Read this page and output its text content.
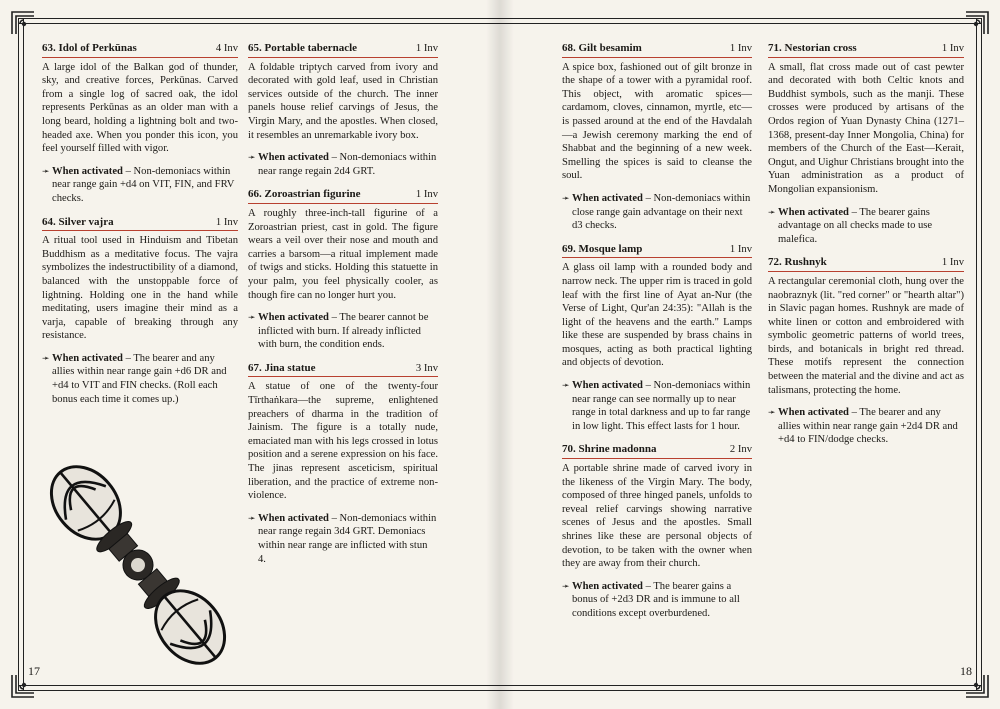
63. Idol of Perkūnas	4 Inv

A large idol of the Balkan god of thunder, sky, and creative forces, Perkūnas. Carved from a single log of sacred oak, the idol represents Perkūnas as an older man with a long beard, holding a lightning bolt and two-headed axe. When you ponder this icon, you feel yourself filled with vigor.

➛ When activated – Non-demoniacs within near range gain +d4 on VIT, FIN, and FRV checks.

64. Silver vajra	1 Inv

A ritual tool used in Hinduism and Tibetan Buddhism as a meditative focus. The vajra symbolizes the indestructibility of a diamond, balanced with the unstoppable force of lightning. Holding one in the hand while meditating, users imagine their mind as a varja, capable of breaking through any resistance.

➛ When activated – The bearer and any allies within near range gain +d6 DR and +d4 to VIT and FIN checks. (Roll each bonus each time it comes up.)

65. Portable tabernacle	1 Inv

A foldable triptych carved from ivory and decorated with gold leaf, used in Christian services outside of the church. The inner panels house relief carvings of Jesus, the Virgin Mary, and the apostles. When closed, it resembles an unremarkable ivory box.

➛ When activated – Non-demoniacs within near range regain 2d4 GRT.

66. Zoroastrian figurine	1 Inv

A roughly three-inch-tall figurine of a Zoroastrian priest, cast in gold. The figure wears a veil over their nose and mouth and carries a barsom—a ritual implement made of twigs and sticks. Holding this statuette in your palm, you feel physically cooler, as though fire can no longer hurt you.

➛ When activated – The bearer cannot be inflicted with burn. If already inflicted with burn, the condition ends.

67. Jina statue	3 Inv

A statue of one of the twenty-four Tīrthaṅkara—the supreme, enlightened preachers of dharma in the tradition of Jainism. The figure is a totally nude, emaciated man with his legs crossed in lotus position and a serene expression on his face. The jinas represent asceticism, spiritual liberation, and the practice of extreme non-violence.

➛ When activated – Non-demoniacs within near range regain 3d4 GRT. Demoniacs within near range are inflicted with stun 4.

17
68. Gilt besamim	1 Inv

A spice box, fashioned out of gilt bronze in the shape of a tower with a pyramidal roof. This object, with aromatic spices—cardamom, cloves, cinnamon, myrtle, etc—is passed around at the end of the Havdalah—a Jewish ceremony marking the end of Shabbat and the beginning of a new week. Smelling the spices is said to cleanse the soul.

➛ When activated – Non-demoniacs within close range gain advantage on their next d3 checks.

69. Mosque lamp	1 Inv

A glass oil lamp with a rounded body and narrow neck. The upper rim is traced in gold leaf with the first line of Ayat an-Nur (the Verse of Light, Qur'an 24:35): "Allah is the light of the heavens and the earth." Lamps like these are suspended by brass chains in mosques, acting as both practical lighting and objects of devotion.

➛ When activated – Non-demoniacs within near range can see normally up to near range in total darkness and up to far range in low light. This effect lasts for 1 hour.

70. Shrine madonna	2 Inv

A portable shrine made of carved ivory in the likeness of the Virgin Mary. The body, composed of three hinged panels, unfolds to reveal relief carvings showing narrative scenes of Jesus and the apostles. Small shrines like these are personal objects of devotion, to be taken with the owner when they are away from their church.

➛ When activated – The bearer gains a bonus of +2d3 DR and is immune to all conditions except overburdened.

71. Nestorian cross	1 Inv

A small, flat cross made out of cast pewter and decorated with both Celtic knots and Buddhist symbols, such as the manji. These crosses were produced by artisans of the Ordos region of Yuan Dynasty China (1271–1368, present-day Inner Mongolia, China) for members of the Church of the East—Kerait, Ongut, and Uighur Christians brought into the Yuan administration as a product of Mongolian expansionism.

➛ When activated – The bearer gains advantage on all checks made to use malefica.

72. Rushnyk	1 Inv

A rectangular ceremonial cloth, hung over the naobraznyk (lit. "red corner" or "hearth altar") in Slavic pagan homes. Rushnyk are made of white linen or cotton and embroidered with symbolic geometric patterns of world trees, birds, and botanicals in bright red thread. These motifs represent the connection between the material and the divine and act as talismans, protecting the home.

➛ When activated – The bearer and any allies within near range gain +2d4 DR and +d4 to FIN/dodge checks.

18
